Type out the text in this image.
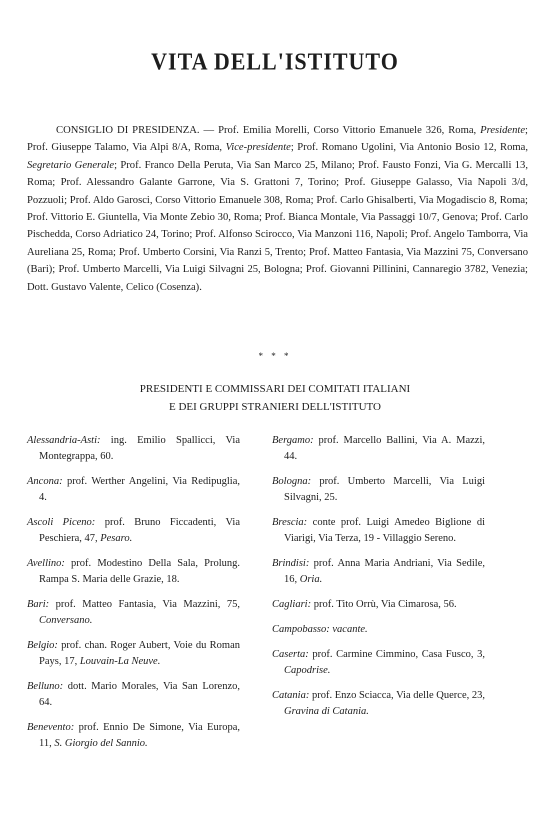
VITA DELL'ISTITUTO

CONSIGLIO DI PRESIDENZA. — Prof. Emilia Morelli, Corso Vittorio Emanuele 326, Roma, Presidente; Prof. Giuseppe Talamo, Via Alpi 8/A, Roma, Vice-presidente; Prof. Romano Ugolini, Via Antonio Bosio 12, Roma, Segretario Generale; Prof. Franco Della Peruta, Via San Marco 25, Milano; Prof. Fausto Fonzi, Via G. Mercalli 13, Roma; Prof. Alessandro Galante Garrone, Via S. Grattoni 7, Torino; Prof. Giuseppe Galasso, Via Napoli 3/d, Pozzuoli; Prof. Aldo Garosci, Corso Vittorio Emanuele 308, Roma; Prof. Carlo Ghisalberti, Via Mogadiscio 8, Roma; Prof. Vittorio E. Giuntella, Via Monte Zebio 30, Roma; Prof. Bianca Montale, Via Passaggi 10/7, Genova; Prof. Carlo Pischedda, Corso Adriatico 24, Torino; Prof. Alfonso Scirocco, Via Manzoni 116, Napoli; Prof. Angelo Tamborra, Via Aureliana 25, Roma; Prof. Umberto Corsini, Via Ranzi 5, Trento; Prof. Matteo Fantasia, Via Mazzini 75, Conversano (Bari); Prof. Umberto Marcelli, Via Luigi Silvagni 25, Bologna; Prof. Giovanni Pillinini, Cannaregio 3782, Venezia; Dott. Gustavo Valente, Celico (Cosenza).

* * *
PRESIDENTI E COMMISSARI DEI COMITATI ITALIANI
E DEI GRUPPI STRANIERI DELL'ISTITUTO

Alessandria-Asti: ing. Emilio Spallicci, Via Montegrappa, 60.

Ancona: prof. Werther Angelini, Via Redipuglia, 4.

Ascoli Piceno: prof. Bruno Ficcadenti, Via Peschiera, 47, Pesaro.

Avellino: prof. Modestino Della Sala, Prolung. Rampa S. Maria delle Grazie, 18.

Bari: prof. Matteo Fantasia, Via Mazzini, 75, Conversano.

Belgio: prof. chan. Roger Aubert, Voie du Roman Pays, 17, Louvain-La Neuve.

Belluno: dott. Mario Morales, Via San Lorenzo, 64.

Benevento: prof. Ennio De Simone, Via Europa, 11, S. Giorgio del Sannio.

Bergamo: prof. Marcello Ballini, Via A. Mazzi, 44.

Bologna: prof. Umberto Marcelli, Via Luigi Silvagni, 25.

Brescia: conte prof. Luigi Amedeo Biglione di Viarigi, Via Terza, 19 - Villaggio Sereno.

Brindisi: prof. Anna Maria Andriani, Via Sedile, 16, Oria.

Cagliari: prof. Tito Orrù, Via Cimarosa, 56.

Campobasso: vacante.

Caserta: prof. Carmine Cimmino, Casa Fusco, 3, Capodrise.

Catania: prof. Enzo Sciacca, Via delle Querce, 23, Gravina di Catania.
